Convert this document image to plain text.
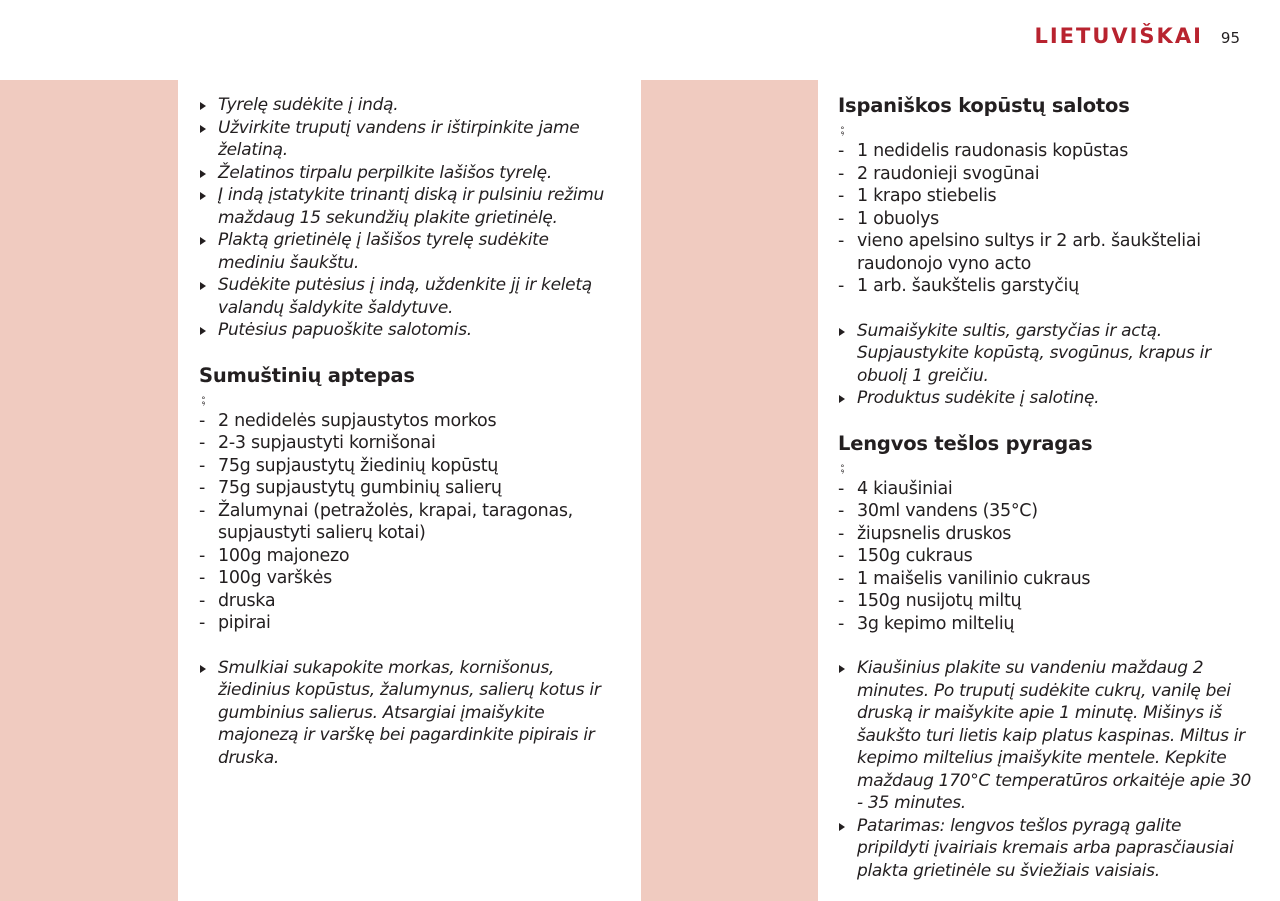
LIETUVIŠKAI 95
Tyrelę sudėkite į indą.
Užvirkite truputį vandens ir ištirpinkite jame želatiną.
Želatinos tirpalu perpilkite lašišos tyrelę.
Į indą įstatykite trinantį diską ir pulsiniu režimu maždaug 15 sekundžių plakite grietinėlę.
Plaktą grietinėlę į lašišos tyrelę sudėkite mediniu šaukštu.
Sudėkite putėsius į indą, uždenkite jį ir keletą valandų šaldykite šaldytuve.
Putėsius papuoškite salotomis.
Sumuštinių aptepas
⨟
- 2 nedidelės supjaustytos morkos
- 2-3 supjaustyti kornišonai
- 75g supjaustytų žiedinių kopūstų
- 75g supjaustytų gumbinių salierų
- Žalumynai (petražolės, krapai, taragonas, supjaustyti salierų kotai)
- 100g majonezo
- 100g varškės
- druska
- pipirai
Smulkiai sukapokite morkas, kornišonus, žiedinius kopūstus, žalumynus, salierų kotus ir gumbinius salierus. Atsargiai įmaišykite majonezą ir varškę bei pagardinkite pipirais ir druska.
Ispaniškos kopūstų salotos
⨟
- 1 nedidelis raudonasis kopūstas
- 2 raudonieji svogūnai
- 1 krapo stiebelis
- 1 obuolys
- vieno apelsino sultys ir 2 arb. šaukšteliai raudonojo vyno acto
- 1 arb. šaukštelis garstyčių
Sumaišykite sultis, garstyčias ir actą. Supjaustykite kopūstą, svogūnus, krapus ir obuolį 1 greičiu.
Produktus sudėkite į salotinę.
Lengvos tešlos pyragas
⨟
- 4 kiaušiniai
- 30ml vandens (35°C)
- žiupsnelis druskos
- 150g cukraus
- 1 maišelis vanilinio cukraus
- 150g nusijotų miltų
- 3g kepimo miltelių
Kiaušinius plakite su vandeniu maždaug 2 minutes. Po truputį sudėkite cukrų, vanilę bei druską ir maišykite apie 1 minutę. Mišinys iš šaukšto turi lietis kaip platus kaspinas. Miltus ir kepimo miltelius įmaišykite mentele. Kepkite maždaug 170°C temperatūros orkaitėje apie 30 - 35 minutes.
Patarimas: lengvos tešlos pyragą galite pripildyti įvairiais kremais arba paprasčiausiai plakta grietinėle su šviežiais vaisiais.
